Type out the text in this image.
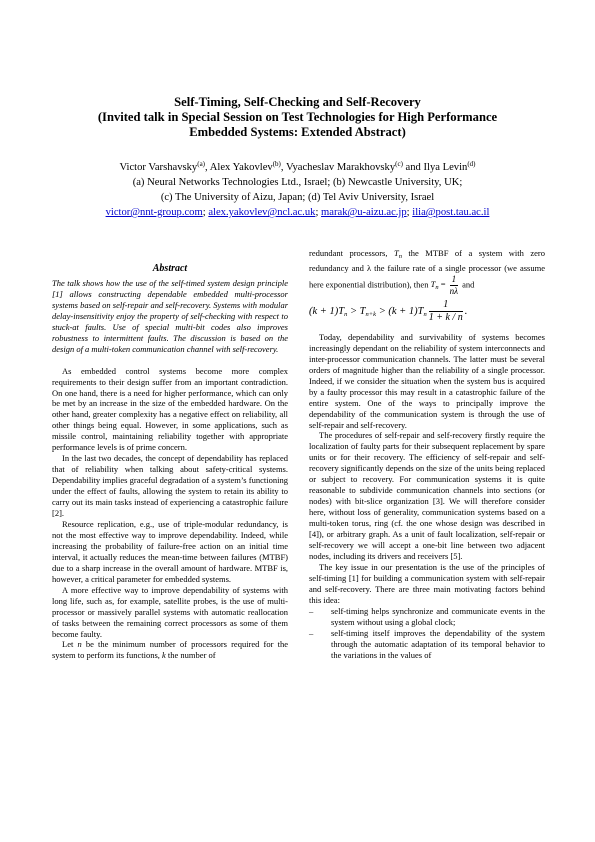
Self-Timing, Self-Checking and Self-Recovery
(Invited talk in Special Session on Test Technologies for High Performance
Embedded Systems: Extended Abstract)
Victor Varshavsky$^{(a)}$, Alex Yakovlev$^{(b)}$, Vyacheslav Marakhovsky$^{(c)}$ and Ilya Levin$^{(d)}$
(a) Neural Networks Technologies Ltd., Israel; (b) Newcastle University, UK;
(c) The University of Aizu, Japan; (d) Tel Aviv University, Israel
victor@nnt-group.com; alex.yakovlev@ncl.ac.uk; marak@u-aizu.ac.jp; ilia@post.tau.ac.il
Abstract

The talk shows how the use of the self-timed system design principle [1] allows constructing dependable embedded multi-processor systems based on self-repair and self-recovery. Systems with modular delay-insensitivity enjoy the property of self-checking with respect to stuck-at faults. Use of special multi-bit codes also improves robustness to intermittent faults. The discussion is based on the design of a multi-token communication channel with self-recovery.

As embedded control systems become more complex requirements to their design suffer from an important contradiction. On one hand, there is a need for higher performance, which can only be met by an increase in the size of the embedded hardware. On the other hand, greater complexity has a negative effect on reliability, all other things being equal. However, in some applications, such as missile control, maintaining reliability together with appropriate performance levels is of prime concern.

In the last two decades, the concept of dependability has replaced that of reliability when talking about safety-critical systems. Dependability implies graceful degradation of a system’s functioning under the effect of faults, allowing the system to retain its ability to carry out its main tasks instead of experiencing a catastrophic failure [2].

Resource replication, e.g., use of triple-modular redundancy, is not the most effective way to improve dependability. Indeed, while increasing the probability of failure-free action on an initial time interval, it actually reduces the mean-time between failures (MTBF) due to a sharp increase in the overall amount of hardware. MTBF is, however, a critical parameter for embedded systems.

A more effective way to improve dependability of systems with long life, such as, for example, satellite probes, is the use of multi-processor or massively parallel systems with automatic reallocation of tasks between the remaining correct processors as some of them become faulty.

Let n be the minimum number of processors required for the system to perform its functions, k the number of

redundant processors, $T_n$ the MTBF of a system with zero redundancy and λ the failure rate of a single processor (we assume here exponential distribution), then $T_n = \frac{1}{n\lambda}$ and

$(k + 1)T_n > T_{n+k} > (k + 1)T_n \frac{1}{1 + k / n}$ .

Today, dependability and survivability of systems becomes increasingly dependant on the reliability of system interconnects and inter-processor communication channels. The latter must be several orders of magnitude higher than the reliability of a single processor. Indeed, if we consider the situation when the system bus is acquired by a faulty processor this may result in a catastrophic failure of the entire system. One of the ways to principally improve the dependability of the communication system is through the use of self-repair and self-recovery.

The procedures of self-repair and self-recovery firstly require the localization of faulty parts for their subsequent replacement by spare units or for their recovery. The efficiency of self-repair and self-recovery significantly depends on the size of the units being replaced or subject to recovery. For communication systems it is quite reasonable to subdivide communication channels into sections (or nodes) with bit-slice organization [3]. We will therefore consider here, without loss of generality, communication systems based on a multi-token torus, ring (cf. the one whose design was described in [4]), or arbitrary graph. As a unit of fault localization, self-repair or self-recovery we will accept a one-bit line between two adjacent nodes, including its drivers and receivers [5].

The key issue in our presentation is the use of the principles of self-timing [1] for building a communication system with self-repair and self-recovery. There are three main motivating factors behind this idea:

– self-timing helps synchronize and communicate events in the system without using a global clock;
– self-timing itself improves the dependability of the system through the automatic adaptation of its temporal behavior to the variations in the values of
